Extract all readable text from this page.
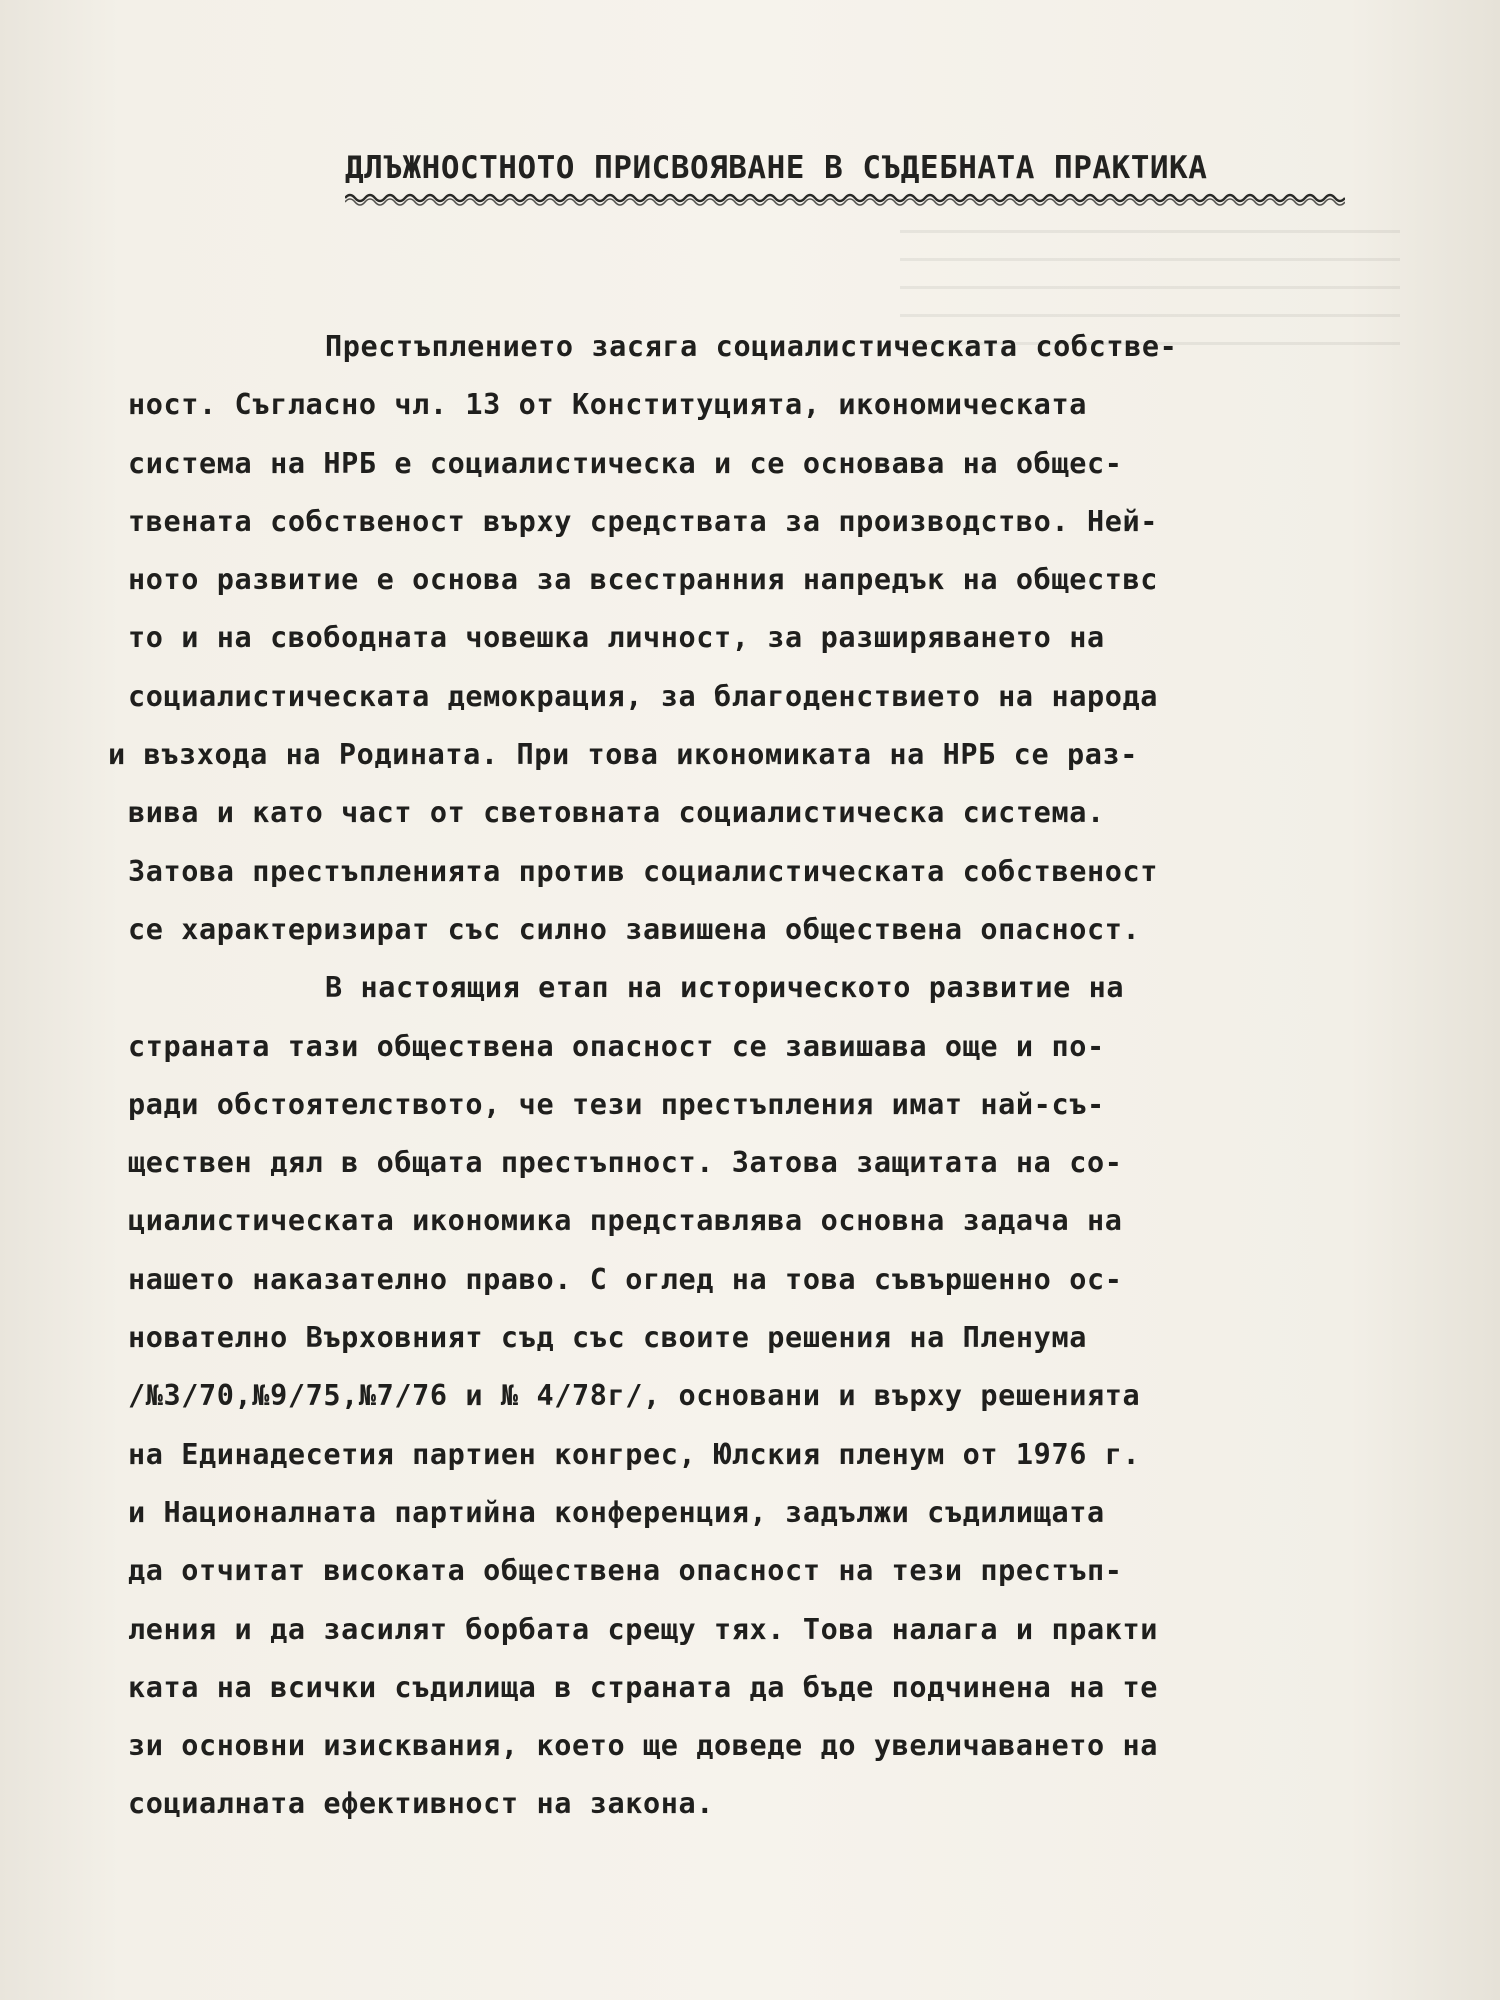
ДЛЪЖНОСТНОТО ПРИСВОЯВАНЕ В СЪДЕБНАТА ПРАКТИКА
Престъплението засяга социалистическата собстве-
ност. Съгласно чл. 13 от Конституцията, икономическата
система на НРБ е социалистическа и се основава на общес-
твената собственост върху средствата за производство. Ней-
ното развитие е основа за всестранния напредък на обществс
то и на свободната човешка личност, за разширяването на
социалистическата демокрация, за благоденствието на народа
и възхода на Родината. При това икономиката на НРБ се раз-
вива и като част от световната социалистическа система.
Затова престъпленията против социалистическата собственост
се характеризират със силно завишена обществена опасност.
В настоящия етап на историческото развитие на
страната тази обществена опасност се завишава още и по-
ради обстоятелството, че тези престъпления имат най-съ-
ществен дял в общата престъпност. Затова защитата на со-
циалистическата икономика представлява основна задача на
нашето наказателно право. С оглед на това съвършенно ос-
нователно Върховният съд със своите решения на Пленума
/№3/70,№9/75,№7/76 и № 4/78г/, основани и върху решенията
на Единадесетия партиен конгрес, Юлския пленум от 1976 г.
и Националната партийна конференция, задължи съдилищата
да отчитат високата обществена опасност на тези престъп-
ления и да засилят борбата срещу тях. Това налага и практи
ката на всички съдилища в страната да бъде подчинена на те
зи основни изисквания, което ще доведе до увеличаването на
социалната ефективност на закона.
